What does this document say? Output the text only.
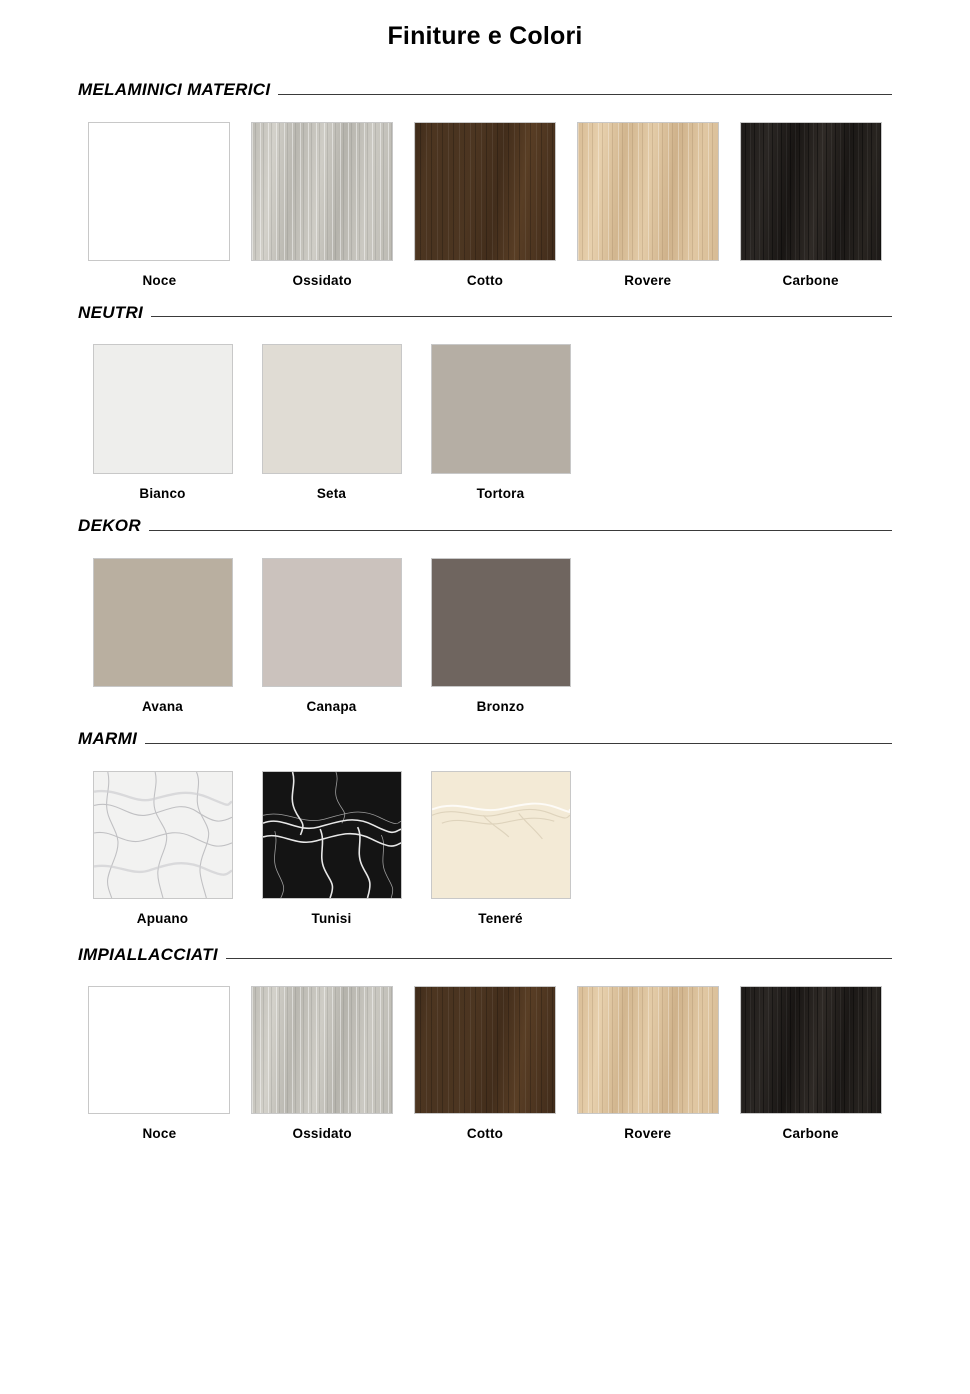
Finiture e Colori
MELAMINICI MATERICI
Noce	Ossidato	Cotto	Rovere	Carbone
NEUTRI
Bianco	Seta	Tortora
DEKOR
Avana	Canapa	Bronzo
MARMI
Apuano	Tunisi	Teneré
IMPIALLACCIATI
Noce	Ossidato	Cotto	Rovere	Carbone
